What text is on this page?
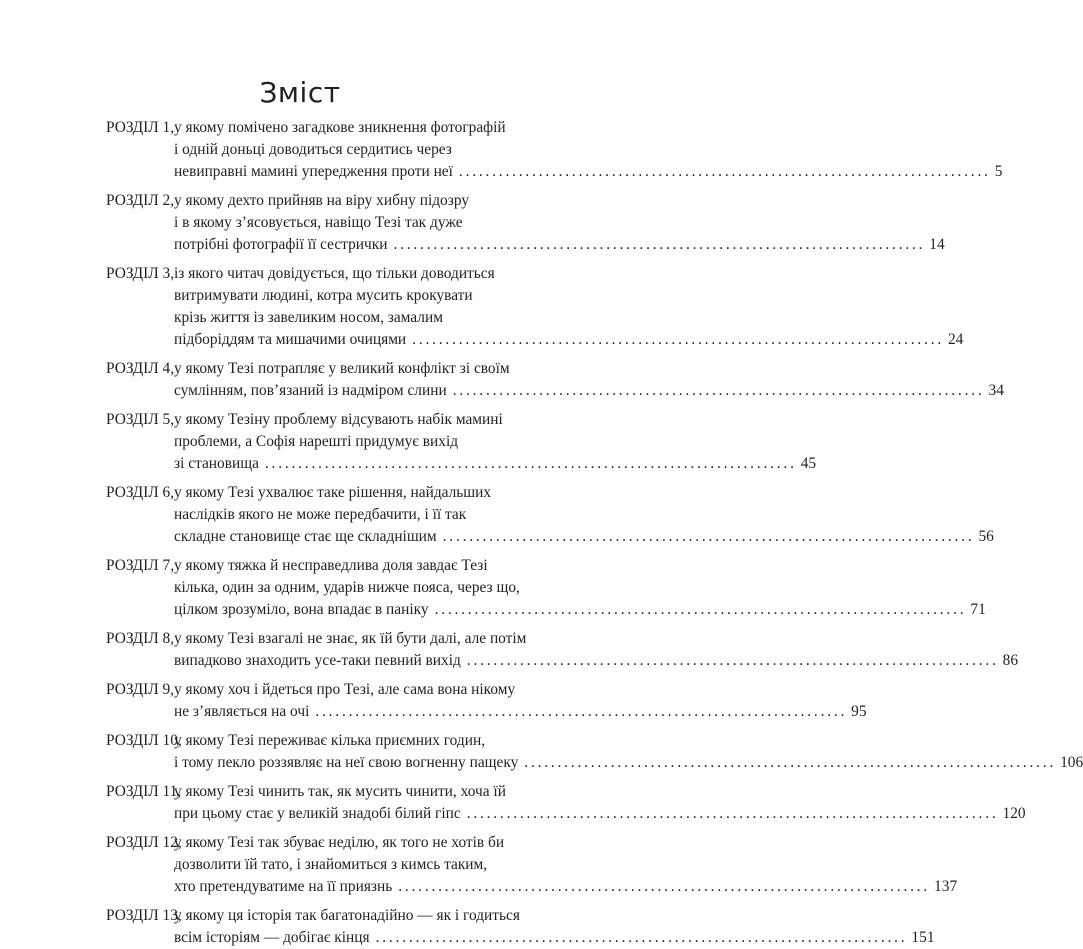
Зміст
РОЗДІЛ 1, у якому помічено загадкове зникнення фотографій
і одній доньці доводиться сердитись через
невиправні мамині упередження проти неї ................................................................................ 5
РОЗДІЛ 2, у якому дехто прийняв на віру хибну підозру
і в якому з’ясовується, навіщо Тезі так дуже
потрібні фотографії її сестрички ................................................................................ 14
РОЗДІЛ 3, із якого читач довідується, що тільки доводиться
витримувати людині, котра мусить крокувати
крізь життя із завеликим носом, замалим
підборіддям та мишачими очицями ................................................................................ 24
РОЗДІЛ 4, у якому Тезі потрапляє у великий конфлікт зі своїм
сумлінням, пов’язаний із надміром слини ................................................................................ 34
РОЗДІЛ 5, у якому Тезіну проблему відсувають набік мамині
проблеми, а Софія нарешті придумує вихід
зі становища ................................................................................ 45
РОЗДІЛ 6, у якому Тезі ухвалює таке рішення, найдальших
наслідків якого не може передбачити, і її так
складне становище стає ще складнішим ................................................................................ 56
РОЗДІЛ 7, у якому тяжка й несправедлива доля завдає Тезі
кілька, один за одним, ударів нижче пояса, через що,
цілком зрозуміло, вона впадає в паніку ................................................................................ 71
РОЗДІЛ 8, у якому Тезі взагалі не знає, як їй бути далі, але потім
випадково знаходить усе-таки певний вихід ................................................................................ 86
РОЗДІЛ 9, у якому хоч і йдеться про Тезі, але сама вона нікому
не з’являється на очі ................................................................................ 95
РОЗДІЛ 10,
у якому Тезі переживає кілька приємних годин,
і тому пекло роззявляє на неї свою вогненну пащеку ................................................................................ 106
РОЗДІЛ 11,
у якому Тезі чинить так, як мусить чинити, хоча їй
при цьому стає у великій знадобі білий гіпс ................................................................................ 120
РОЗДІЛ 12,
у якому Тезі так збуває неділю, як того не хотів би
дозволити їй тато, і знайомиться з кимсь таким,
хто претендуватиме на її приязнь ................................................................................ 137
РОЗДІЛ 13,
у якому ця історія так багатонадійно — як і годиться
всім історіям — добігає кінця ................................................................................ 151
